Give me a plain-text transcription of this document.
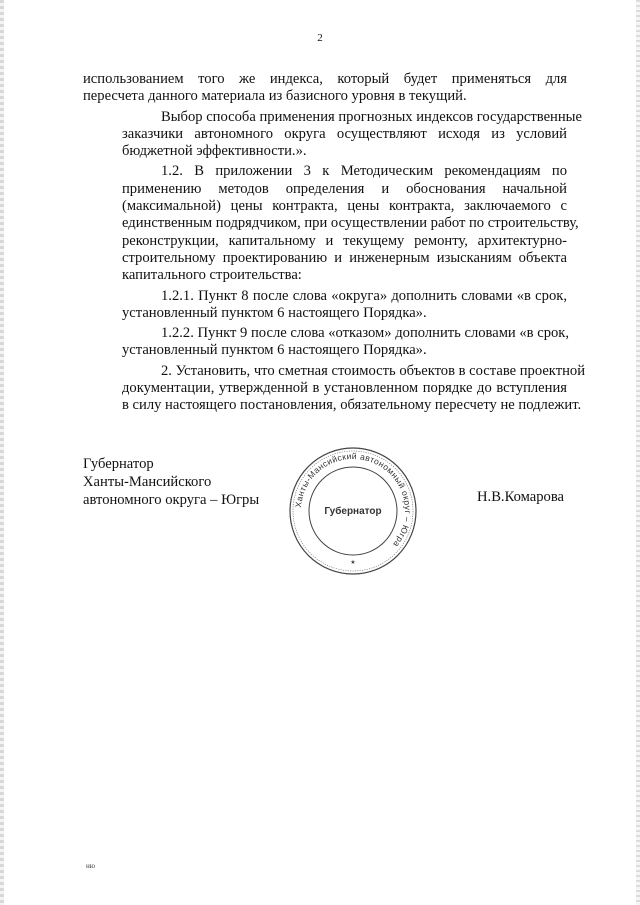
2
использованием того же индекса, который будет применяться для
пересчета данного материала из базисного уровня в текущий.
Выбор способа применения прогнозных индексов государственные
заказчики автономного округа осуществляют исходя из условий
бюджетной эффективности.».
1.2. В приложении 3 к Методическим рекомендациям по
применению методов определения и обоснования начальной
(максимальной) цены контракта, цены контракта, заключаемого с
единственным подрядчиком, при осуществлении работ по строительству,
реконструкции, капитальному и текущему ремонту, архитектурно-
строительному проектированию и инженерным изысканиям объекта
капитального строительства:
1.2.1. Пункт 8 после слова «округа» дополнить словами «в срок,
установленный пунктом 6 настоящего Порядка».
1.2.2. Пункт 9 после слова «отказом» дополнить словами «в срок,
установленный пунктом 6 настоящего Порядка».
2. Установить, что сметная стоимость объектов в составе проектной
документации, утвержденной в установленном порядке до вступления
в силу настоящего постановления, обязательному пересчету не подлежит.
Губернатор
Ханты-Мансийского
автономного округа – Югры	Ханты-Мансийский автономный округ – Югра
Губернатор
★
Н.В.Комарова
ню
